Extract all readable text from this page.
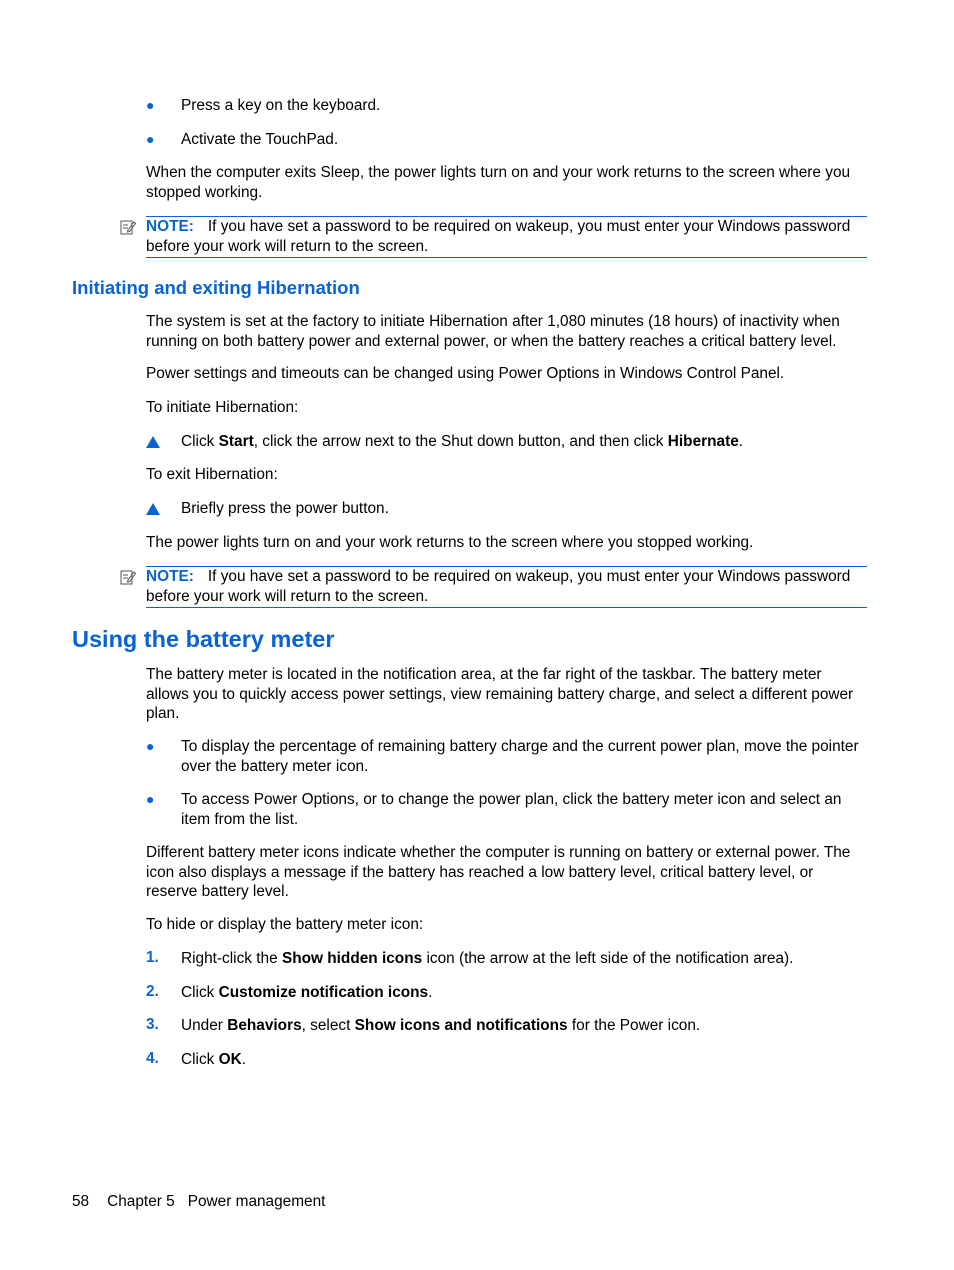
● Press a key on the keyboard.
● Activate the TouchPad.
When the computer exits Sleep, the power lights turn on and your work returns to the screen where you stopped working.
NOTE: If you have set a password to be required on wakeup, you must enter your Windows password before your work will return to the screen.
Initiating and exiting Hibernation
The system is set at the factory to initiate Hibernation after 1,080 minutes (18 hours) of inactivity when running on both battery power and external power, or when the battery reaches a critical battery level.
Power settings and timeouts can be changed using Power Options in Windows Control Panel.
To initiate Hibernation:
Click Start, click the arrow next to the Shut down button, and then click Hibernate.
To exit Hibernation:
Briefly press the power button.
The power lights turn on and your work returns to the screen where you stopped working.
NOTE: If you have set a password to be required on wakeup, you must enter your Windows password before your work will return to the screen.
Using the battery meter
The battery meter is located in the notification area, at the far right of the taskbar. The battery meter allows you to quickly access power settings, view remaining battery charge, and select a different power plan.
● To display the percentage of remaining battery charge and the current power plan, move the pointer over the battery meter icon.
● To access Power Options, or to change the power plan, click the battery meter icon and select an item from the list.
Different battery meter icons indicate whether the computer is running on battery or external power. The icon also displays a message if the battery has reached a low battery level, critical battery level, or reserve battery level.
To hide or display the battery meter icon:
1. Right-click the Show hidden icons icon (the arrow at the left side of the notification area).
2. Click Customize notification icons.
3. Under Behaviors, select Show icons and notifications for the Power icon.
4. Click OK.
58 Chapter 5 Power management
